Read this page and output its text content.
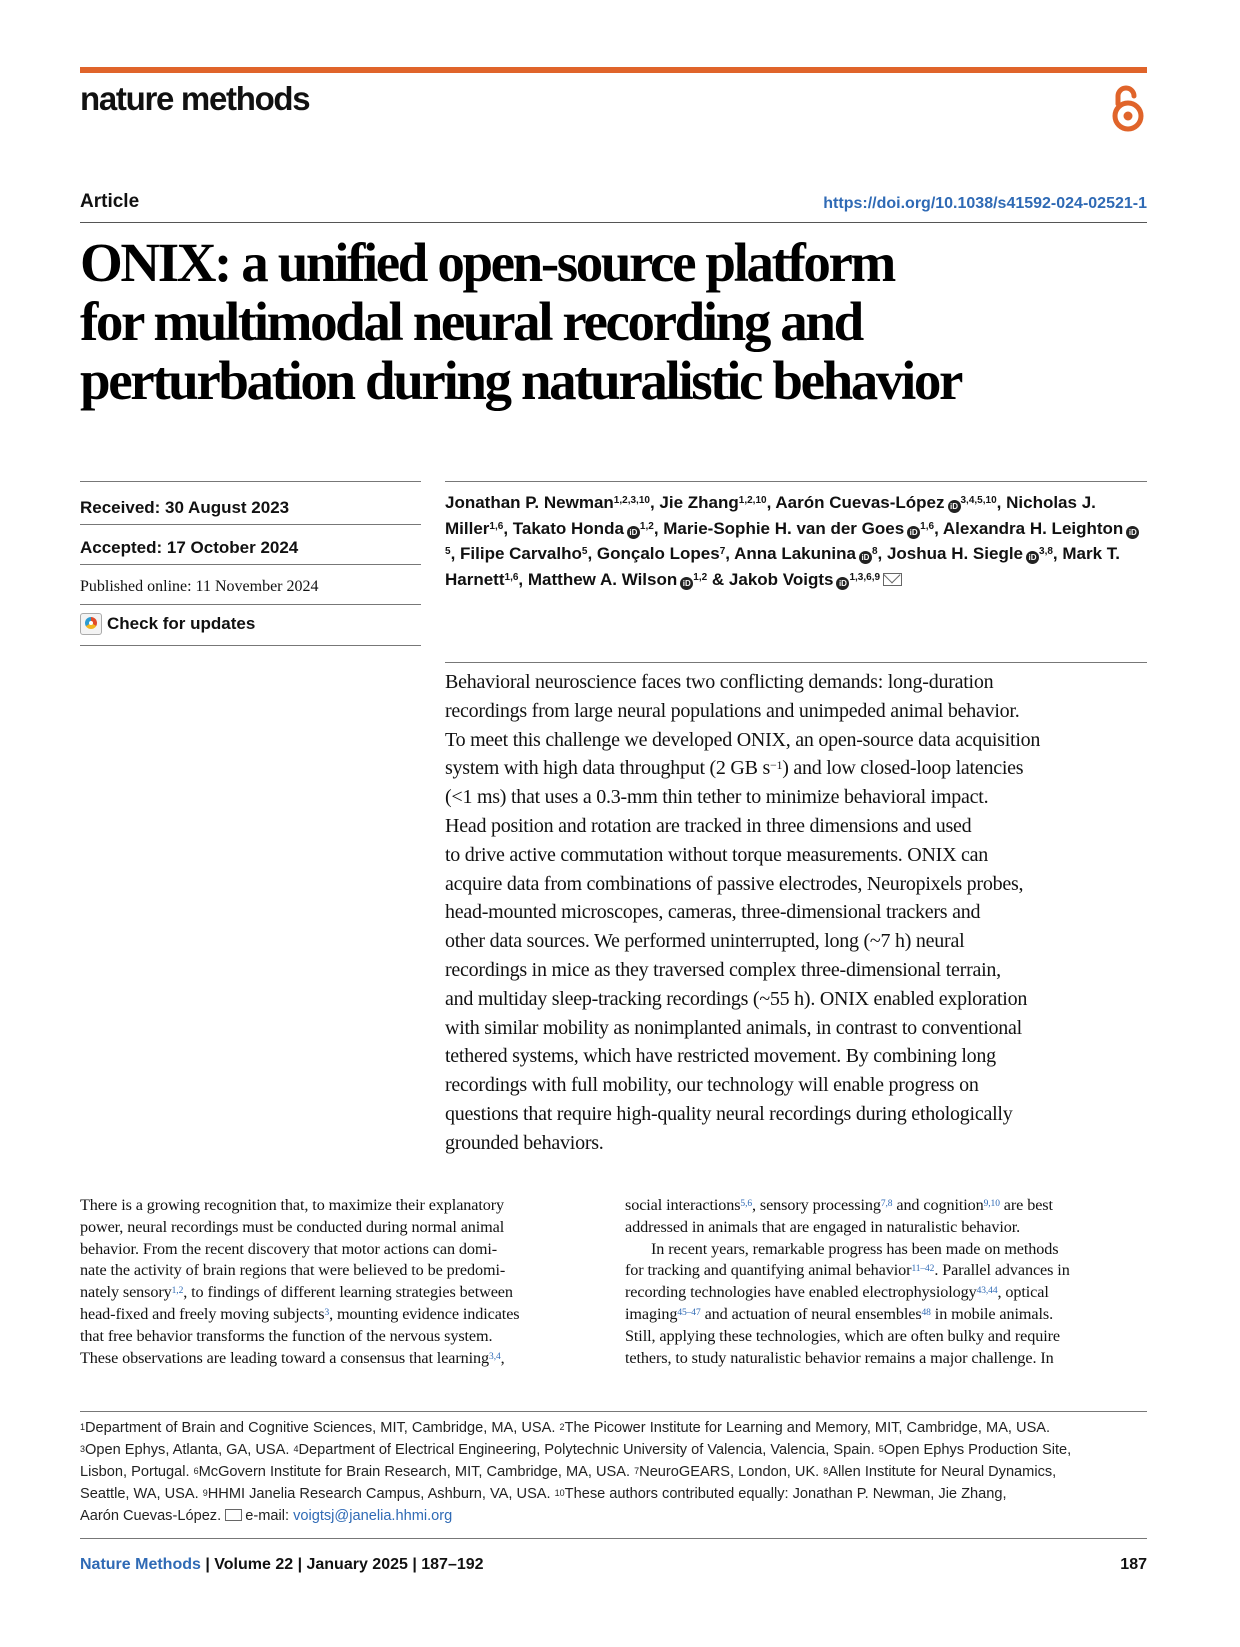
nature methods
Article	https://doi.org/10.1038/s41592-024-02521-1
ONIX: a unified open-source platform
for multimodal neural recording and
perturbation during naturalistic behavior
Received: 30 August 2023
Accepted: 17 October 2024
Published online: 11 November 2024
Check for updates

Jonathan P. Newman$^{1,2,3,10}$, Jie Zhang$^{1,2,10}$, Aarón Cuevas-López iD$^{3,4,5,10}$, Nicholas J. Miller$^{1,6}$, Takato Honda iD$^{1,2}$, Marie-Sophie H. van der Goes iD$^{1,6}$, Alexandra H. Leighton $iD^5$, Filipe Carvalho$^5$, Gonçalo Lopes$^7$, Anna Lakunina $iD^8$, Joshua H. Siegle iD$^{3,8}$, Mark T. Harnett$^{1,6}$, Matthew A. Wilson iD$^{1,2}$ & Jakob Voigts iD$^{1,3,6,9}$

Behavioral neuroscience faces two conflicting demands: long-duration
recordings from large neural populations and unimpeded animal behavior.
To meet this challenge we developed ONIX, an open-source data acquisition
system with high data throughput (2 GB $s^{-1}$) and low closed-loop latencies
(<1 ms) that uses a 0.3-mm thin tether to minimize behavioral impact.
Head position and rotation are tracked in three dimensions and used
to drive active commutation without torque measurements. ONIX can
acquire data from combinations of passive electrodes, Neuropixels probes,
head-mounted microscopes, cameras, three-dimensional trackers and
other data sources. We performed uninterrupted, long (~7 h) neural
recordings in mice as they traversed complex three-dimensional terrain,
and multiday sleep-tracking recordings (~55 h). ONIX enabled exploration
with similar mobility as nonimplanted animals, in contrast to conventional
tethered systems, which have restricted movement. By combining long
recordings with full mobility, our technology will enable progress on
questions that require high-quality neural recordings during ethologically
grounded behaviors.
There is a growing recognition that, to maximize their explanatory
power, neural recordings must be conducted during normal animal
behavior. From the recent discovery that motor actions can domi-
nate the activity of brain regions that were believed to be predomi-
nately sensory$^{1,2}$, to findings of different learning strategies between
head-fixed and freely moving subjects$^3$, mounting evidence indicates
that free behavior transforms the function of the nervous system.
These observations are leading toward a consensus that learning$^{3,4}$,
social interactions$^{5,6}$, sensory processing$^{7,8}$ and cognition$^{9,10}$ are best
addressed in animals that are engaged in naturalistic behavior.
In recent years, remarkable progress has been made on methods
for tracking and quantifying animal behavior$^{11-42}$. Parallel advances in
recording technologies have enabled electrophysiology$^{43,44}$, optical
imaging$^{45-47}$ and actuation of neural ensembles$^{48}$ in mobile animals.
Still, applying these technologies, which are often bulky and require
tethers, to study naturalistic behavior remains a major challenge. In
$^1$Department of Brain and Cognitive Sciences, MIT, Cambridge, MA, USA. $^2$The Picower Institute for Learning and Memory, MIT, Cambridge, MA, USA.
$^3$Open Ephys, Atlanta, GA, USA. $^4$Department of Electrical Engineering, Polytechnic University of Valencia, Valencia, Spain. $^5$Open Ephys Production Site,
Lisbon, Portugal. $^6$McGovern Institute for Brain Research, MIT, Cambridge, MA, USA. $^7$NeuroGEARS, London, UK. $^8$Allen Institute for Neural Dynamics,
Seattle, WA, USA. $^9$HHMI Janelia Research Campus, Ashburn, VA, USA. $^{10}$These authors contributed equally: Jonathan P. Newman, Jie Zhang,
Aarón Cuevas-López. e-mail: voigtsj@janelia.hhmi.org
Nature Methods | Volume 22 | January 2025 | 187–192	187
